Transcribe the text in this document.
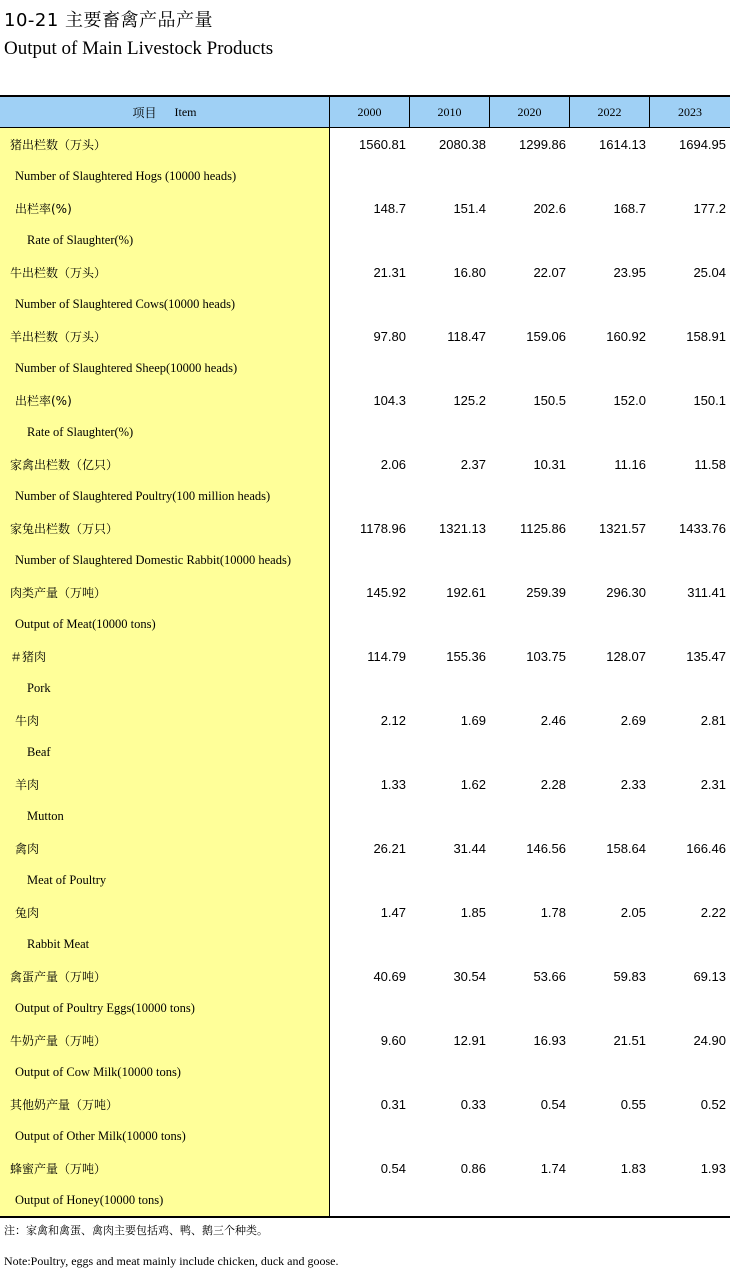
10-21 主要畜禽产品产量
Output of Main Livestock Products
项目 Item	2000	2010	2020	2022	2023
猪出栏数（万头）	1560.81	2080.38	1299.86	1614.13	1694.95
Number of Slaughtered Hogs (10000 heads)
出栏率(%)	148.7	151.4	202.6	168.7	177.2
Rate of Slaughter(%)
牛出栏数（万头）	21.31	16.80	22.07	23.95	25.04
Number of Slaughtered Cows(10000 heads)
羊出栏数（万头）	97.80	118.47	159.06	160.92	158.91
Number of Slaughtered Sheep(10000 heads)
出栏率(%)	104.3	125.2	150.5	152.0	150.1
Rate of Slaughter(%)
家禽出栏数（亿只）	2.06	2.37	10.31	11.16	11.58
Number of Slaughtered Poultry(100 million heads)
家兔出栏数（万只）	1178.96	1321.13	1125.86	1321.57	1433.76
Number of Slaughtered Domestic Rabbit(10000 heads)
肉类产量（万吨）	145.92	192.61	259.39	296.30	311.41
Output of Meat(10000 tons)
＃猪肉	114.79	155.36	103.75	128.07	135.47
Pork
牛肉	2.12	1.69	2.46	2.69	2.81
Beaf
羊肉	1.33	1.62	2.28	2.33	2.31
Mutton
禽肉	26.21	31.44	146.56	158.64	166.46
Meat of Poultry
兔肉	1.47	1.85	1.78	2.05	2.22
Rabbit Meat
禽蛋产量（万吨）	40.69	30.54	53.66	59.83	69.13
Output of Poultry Eggs(10000 tons)
牛奶产量（万吨）	9.60	12.91	16.93	21.51	24.90
Output of Cow Milk(10000 tons)
其他奶产量（万吨）	0.31	0.33	0.54	0.55	0.52
Output of Other Milk(10000 tons)
蜂蜜产量（万吨）	0.54	0.86	1.74	1.83	1.93
Output of Honey(10000 tons)
注：家禽和禽蛋、禽肉主要包括鸡、鸭、鹅三个种类。
Note:Poultry, eggs and meat mainly include chicken, duck and goose.
